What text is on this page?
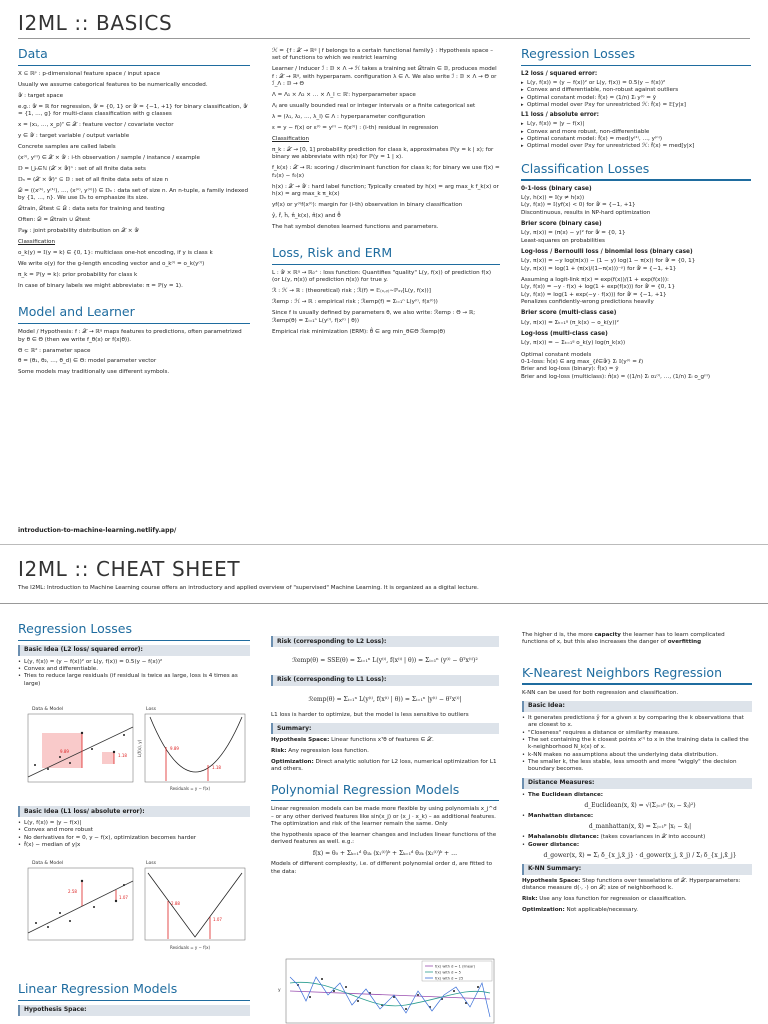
I2ML :: BASICS
Data

X ⊆ ℝᵖ : p-dimensional feature space / input space

Usually we assume categorical features to be numerically encoded.

𝒴 : target space

e.g.: 𝒴 = ℝ for regression, 𝒴 = {0, 1} or 𝒴 = {−1, +1} for binary classification, 𝒴 = {1, …, g} for multi-class classification with g classes

x = (x₁, …, x_p)ᵀ ∈ 𝒳 : feature vector / covariate vector

y ∈ 𝒴 : target variable / output variable

Concrete samples are called labels

(x⁽ⁱ⁾, y⁽ⁱ⁾) ∈ 𝒳 × 𝒴 : i-th observation / sample / instance / example

𝔻 = ⋃ₙ∈ℕ (𝒳 × 𝒴)ⁿ : set of all finite data sets

𝔻ₙ = (𝒳 × 𝒴)ⁿ ⊆ 𝔻 : set of all finite data sets of size n

𝒟 = ((x⁽¹⁾, y⁽¹⁾), …, (x⁽ⁿ⁾, y⁽ⁿ⁾)) ∈ 𝔻ₙ : data set of size n. An n-tuple, a family indexed by {1, …, n}. We use 𝔻ₙ to emphasize its size.

𝒟train, 𝒟test ⊆ 𝒟 : data sets for training and testing

Often: 𝒟 = 𝒟train ∪ 𝒟test

ℙ𝓍𝓎 : joint probability distribution on 𝒳 × 𝒴

Classification

o_k(y) = 𝕀(y = k) ∈ {0, 1}: multiclass one-hot encoding, if y is class k

We write o(y) for the g-length encoding vector and o_k⁽ⁱ⁾ = o_k(y⁽ⁱ⁾)

π_k = ℙ(y = k): prior probability for class k

In case of binary labels we might abbreviate: π = ℙ(y = 1).

Model and Learner

Model / Hypothesis: f : 𝒳 → ℝᵍ maps features to predictions, often parametrized by θ ∈ Θ (then we write f_θ(x) or f(x|θ)).

Θ ⊂ ℝᵈ : parameter space

θ = (θ₁, θ₂, …, θ_d) ∈ Θ: model parameter vector

Some models may traditionally use different symbols.

introduction-to-machine-learning.netlify.app/

ℋ = {f : 𝒳 → ℝᵍ | f belongs to a certain functional family} : Hypothesis space – set of functions to which we restrict learning

Learner / Inducer ℐ : 𝔻 × Λ → ℋ takes a training set 𝒟train ∈ 𝔻, produces model f : 𝒳 → ℝᵍ, with hyperparam. configuration λ ∈ Λ. We also write ℐ : 𝔻 × Λ → Θ or ℐ_Λ : 𝔻 → Θ

Λ = Λ₁ × Λ₂ × … × Λ_l ⊂ ℝˡ: hyperparameter space

Λⱼ are usually bounded real or integer intervals or a finite categorical set

λ = (λ₁, λ₂, …, λ_l) ∈ Λ : hyperparameter configuration

ε = y − f(x) or ε⁽ⁱ⁾ = y⁽ⁱ⁾ − f(x⁽ⁱ⁾) : (i-th) residual in regression

Classification

π_k : 𝒳 → [0, 1] probability prediction for class k, approximates ℙ(y = k | x); for binary we abbreviate with π(x) for ℙ(y = 1 | x).

f_k(x) : 𝒳 → ℝ: scoring / discriminant function for class k; for binary we use f(x) = f₁(x) − f₀(x)

h(x) : 𝒳 → 𝒴 : hard label function; Typically created by h(x) = arg max_k f_k(x) or h(x) = arg max_k π_k(x)

yf(x) or y⁽ⁱ⁾f(x⁽ⁱ⁾): margin for (i-th) observation in binary classification

ŷ, f̂, ĥ, π̂_k(x), π̂(x) and θ̂

The hat symbol denotes learned functions and parameters.

Loss, Risk and ERM

L : 𝒴 × ℝᵍ → ℝ₀⁺ : loss function: Quantifies "quality" L(y, f(x)) of prediction f(x) (or L(y, π(x)) of prediction π(x)) for true y.

ℛ : ℋ → ℝ : (theoretical) risk ; ℛ(f) = 𝔼₍ₓ,ᵧ₎∼ℙₓᵧ[L(y, f(x))]

ℛemp : ℋ → ℝ : empirical risk ; ℛemp(f) = Σᵢ₌₁ⁿ L(y⁽ⁱ⁾, f(x⁽ⁱ⁾))

Since f is usually defined by parameters θ, we also write: ℛemp : Θ → ℝ; ℛemp(θ) = Σᵢ₌₁ⁿ L(y⁽ⁱ⁾, f(x⁽ⁱ⁾ | θ))

Empirical risk minimization (ERM): θ̂ ∈ arg min_θ∈Θ ℛemp(θ)

Regression Losses
L2 loss / squared error:
▸ L(y, f(x)) = (y − f(x))² or L(y, f(x)) = 0.5(y − f(x))²
▸ Convex and differentiable, non-robust against outliers
▸ Optimal constant model: f̂(x) = (1/n) Σᵢ y⁽ⁱ⁾ = ȳ
▸ Optimal model over ℙxy for unrestricted ℋ: f̂(x) = 𝔼[y|x]
L1 loss / absolute error:
▸ L(y, f(x)) = |y − f(x)|
▸ Convex and more robust, non-differentiable
▸ Optimal constant model: f̂(x) = med(y⁽¹⁾, …, y⁽ⁿ⁾)
▸ Optimal model over ℙxy for unrestricted ℋ: f̂(x) = med[y|x]
Classification Losses
0-1-loss (binary case)
L(y, h(x)) = 𝕀(y ≠ h(x))
L(y, f(x)) = 𝕀(yf(x) < 0) for 𝒴 = {−1, +1}
Discontinuous, results in NP-hard optimization
Brier score (binary case)
L(y, π(x)) = (π(x) − y)² for 𝒴 = {0, 1}
Least-squares on probabilities
Log-loss / Bernoulli loss / binomial loss (binary case)
L(y, π(x)) = −y log(π(x)) − (1 − y) log(1 − π(x)) for 𝒴 = {0, 1}
L(y, π(x)) = log(1 + (π(x)/(1−π(x)))⁻ʸ) for 𝒴 = {−1, +1}
Assuming a logit-link π(x) = exp(f(x))/(1 + exp(f(x))):
L(y, f(x)) = −y · f(x) + log(1 + exp(f(x))) for 𝒴 = {0, 1}
L(y, f(x)) = log(1 + exp(−y · f(x))) for 𝒴 = {−1, +1}
Penalizes confidently-wrong predictions heavily
Brier score (multi-class case)
L(y, π(x)) = Σₖ₌₁ᵍ (π_k(x) − o_k(y))²
Log-loss (multi-class case)
L(y, π(x)) = − Σₖ₌₁ᵍ o_k(y) log(π_k(x))
Optimal constant models
0-1-loss: ĥ(x) ∈ arg max_{ℓ∈𝒴} Σᵢ 𝕀(y⁽ⁱ⁾ = ℓ)
Brier and log-loss (binary): f̂(x) = ȳ
Brier and log-loss (multiclass): π̂(x) = ((1/n) Σᵢ o₁⁽ⁱ⁾, …, (1/n) Σᵢ o_g⁽ⁱ⁾)
I2ML :: CHEAT SHEET
The I2ML: Introduction to Machine Learning course offers an introductory and applied overview of "supervised" Machine Learning. It is organized as a digital lecture.
Regression Losses
Basic Idea (L2 loss/ squared error):
• L(y, f(x)) = (y − f(x))² or L(y, f(x)) = 0.5(y − f(x))²
• Convex and differentiable.
• Tries to reduce large residuals (if residual is twice as large, loss is 4 times as large)
Data & Model	Loss
9.89
1.18
9.89
1.18
Residuals = y − f(x)
L(f(x), y)
Basic Idea (L1 loss/ absolute error):
• L(y, f(x)) = |y − f(x)|
• Convex and more robust
• No derivatives for = 0, y − f(x), optimization becomes harder
• f̂(x) − median of y|x
Data & Model	Loss
2.58
1.07
2.88
1.07
Residuals = y − f(x)
Linear Regression Models
Hypothesis Space:
Risk (corresponding to L2 Loss):
ℛemp(θ) = SSE(θ) = Σᵢ₌₁ⁿ L(y⁽ⁱ⁾, f(x⁽ⁱ⁾ | θ)) = Σᵢ₌₁ⁿ (y⁽ⁱ⁾ − θᵀx⁽ⁱ⁾)²
Risk (corresponding to L1 Loss):
ℛemp(θ) = Σᵢ₌₁ⁿ L(y⁽ⁱ⁾, f(x⁽ⁱ⁾ | θ)) = Σᵢ₌₁ⁿ |y⁽ⁱ⁾ − θᵀx⁽ⁱ⁾|

L1 loss is harder to optimize, but the model is less sensitive to outliers

Summary:

Hypothesis Space: Linear functions xᵀθ of features ∈ 𝒳.

Risk: Any regression loss function.

Optimization: Direct analytic solution for L2 loss, numerical optimization for L1 and others.

Polynomial Regression Models

Linear regression models can be made more flexible by using polynomials x_j^d – or any other derived features like sin(x_j) or (x_j · x_k) – as additional features. The optimization and risk of the learner remain the same. Only

the hypothesis space of the learner changes and includes linear functions of the derived features as well. e.g.:

f(x) = θ₀ + Σₖ₌₁ᵈ θ₁ₖ (x₁⁽ⁱ⁾)ᵏ + Σₖ₌₁ᵈ θ₂ₖ (x₂⁽ⁱ⁾)ᵏ + …

Models of different complexity, i.e. of different polynomial order d, are fitted to the data:

y
f(x) with d = 1 (linear)
f(x) with d = 5
f(x) with d = 25

The higher d is, the more capacity the learner has to learn complicated functions of x, but this also increases the danger of overfitting

K-Nearest Neighbors Regression

K-NN can be used for both regression and classification.

Basic Idea:
• It generates predictions ŷ for a given x by comparing the k observations that are closest to x.
• "Closeness" requires a distance or similarity measure.
• The set containing the k closest points x⁽ⁱ⁾ to x in the training data is called the k-neighborhood N_k(x) of x.
• k-NN makes no assumptions about the underlying data distribution.
• The smaller k, the less stable, less smooth and more "wiggly" the decision boundary becomes.
Distance Measures:
• The Euclidean distance:
d_Euclidean(x, x̃) = √(Σⱼ₌₁ᵖ (xⱼ − x̃ⱼ)²)
• Manhattan distance:
d_manhattan(x, x̃) = Σⱼ₌₁ᵖ |xⱼ − x̃ⱼ|
• Mahalanobis distance: (takes covariances in 𝒳 into account)
• Gower distance:
d_gower(x, x̃) = Σⱼ δ_{x_j,x̃_j} · d_gower(x_j, x̃_j) / Σⱼ δ_{x_j,x̃_j}
K-NN Summary:

Hypothesis Space: Step functions over tesselations of 𝒳. Hyperparameters: distance measure d(·, ·) on 𝒳; size of neighborhood k.

Risk: Use any loss function for regression or classification.

Optimization: Not applicable/necessary.
